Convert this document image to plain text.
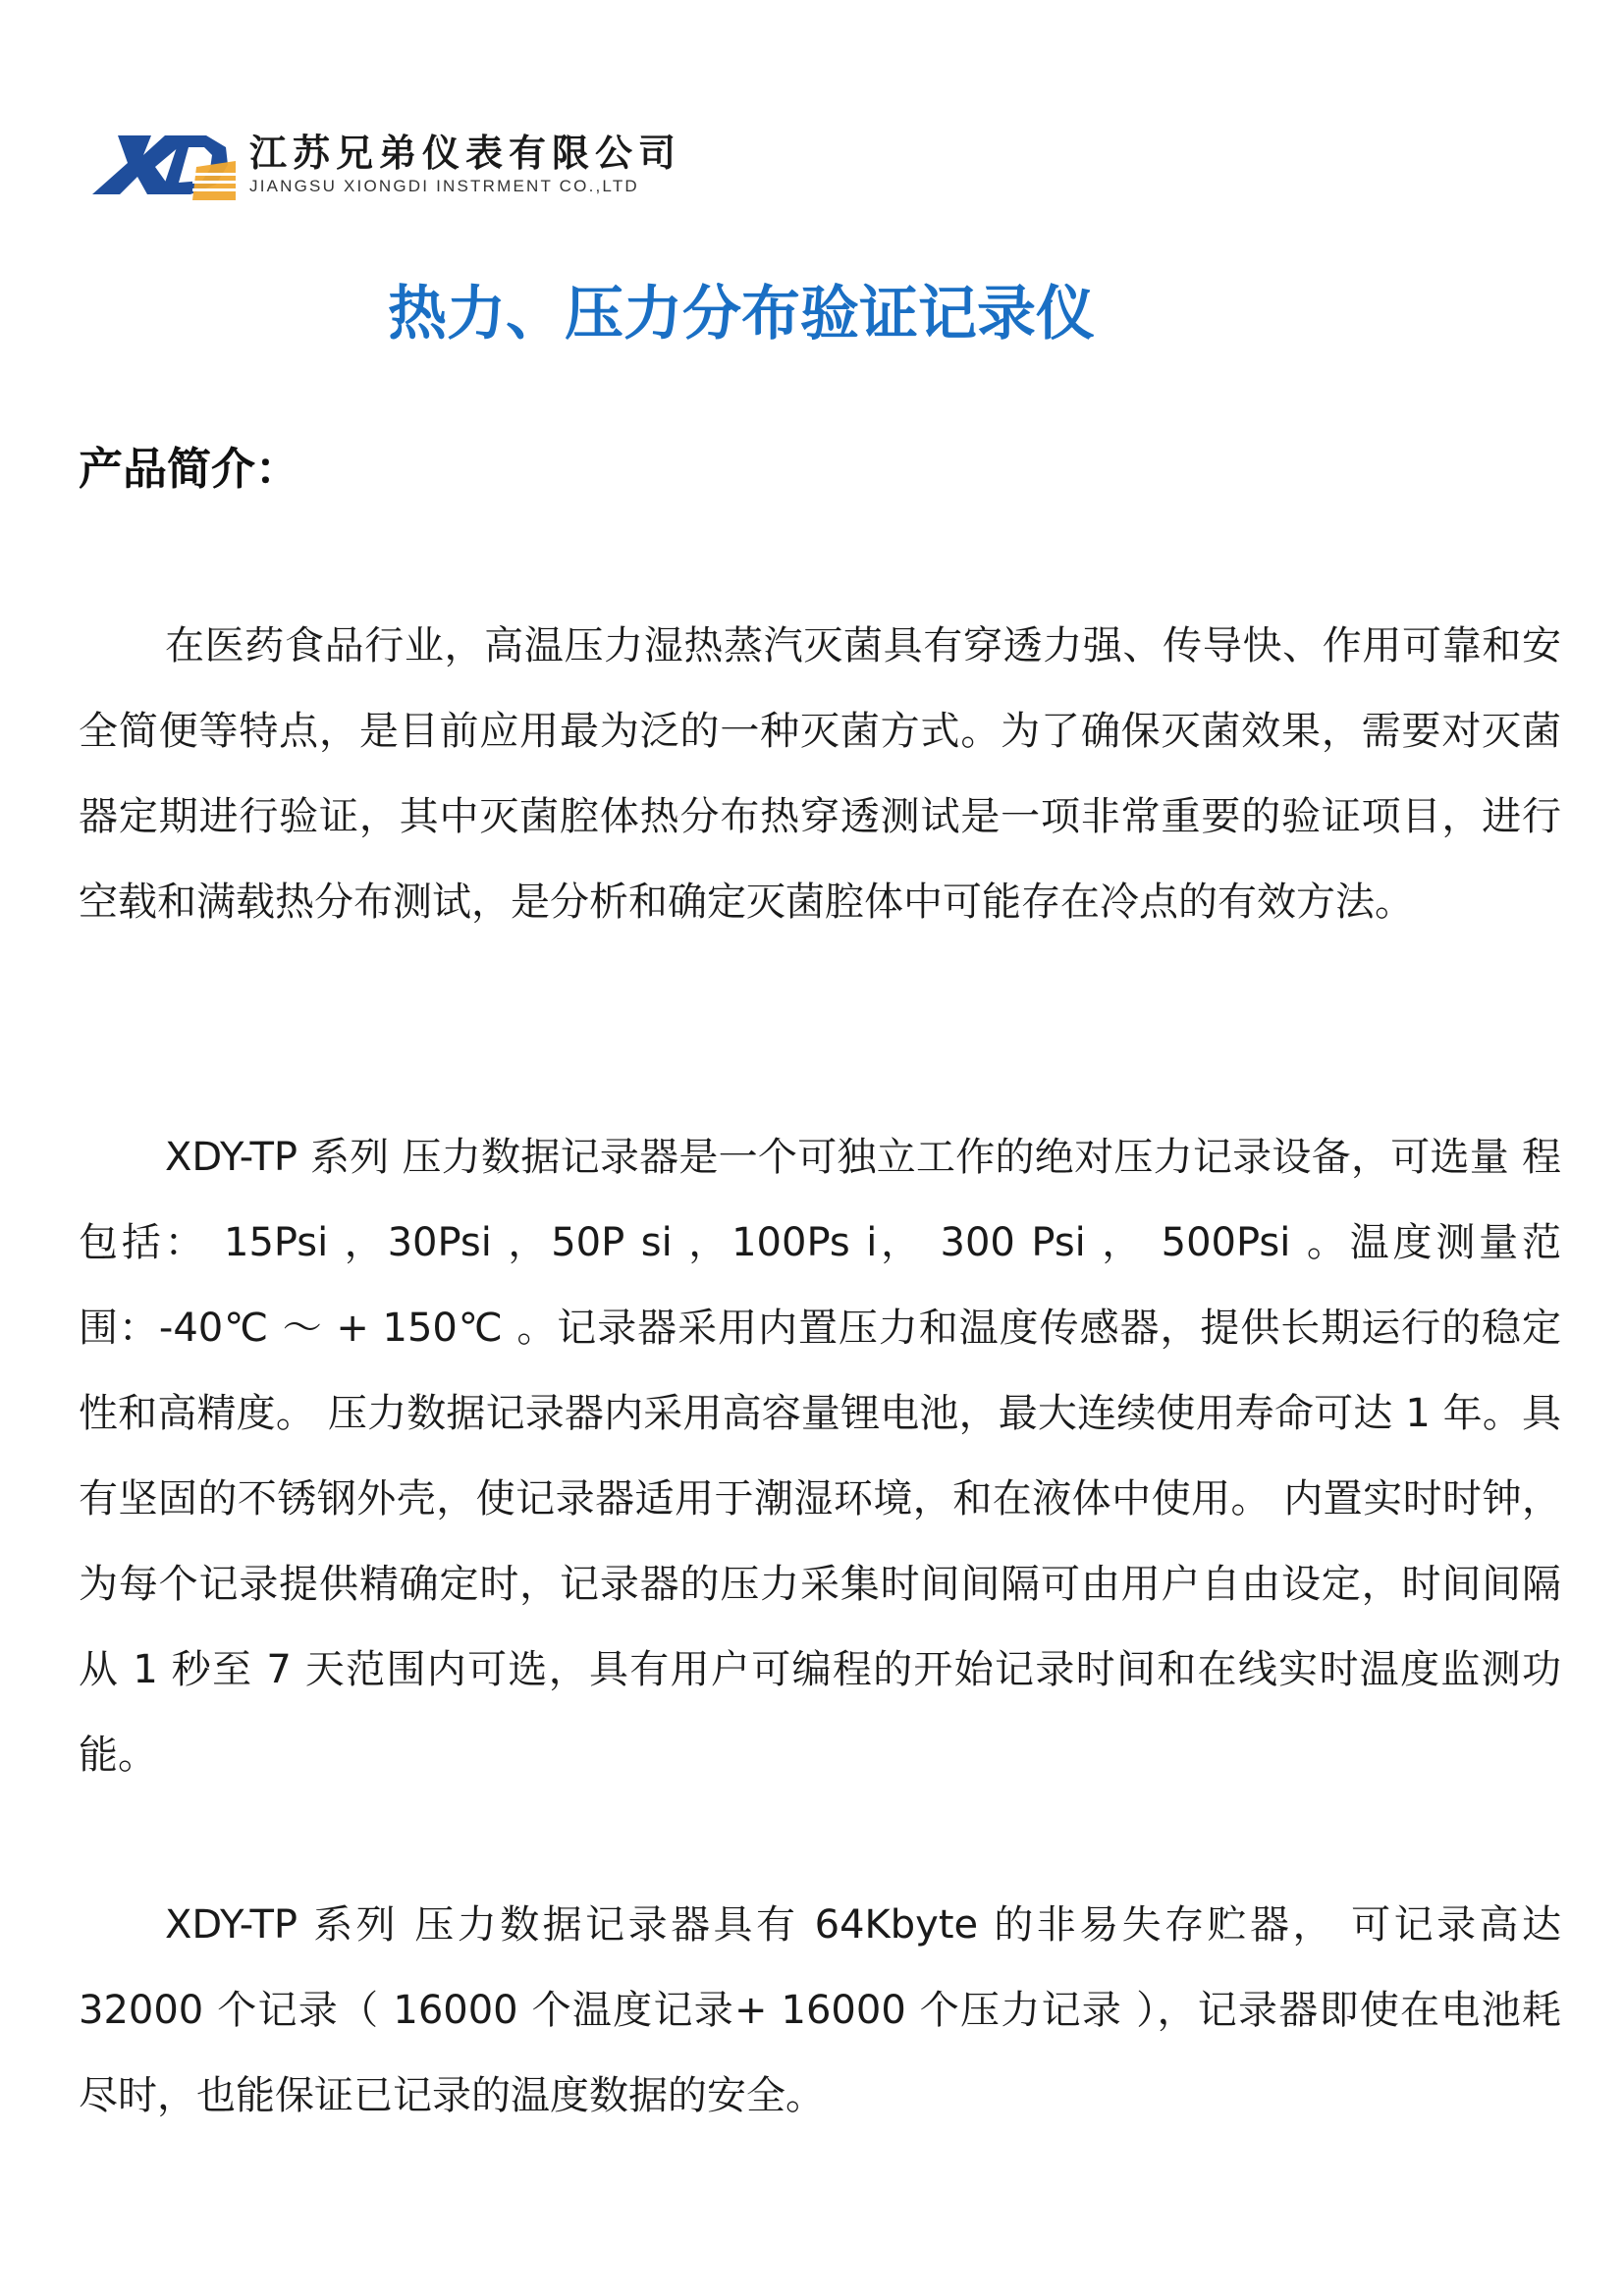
江苏兄弟仪表有限公司
JIANGSU XIONGDI INSTRMENT CO.,LTD
热力、压力分布验证记录仪
产品简介：

在医药食品行业，高温压力湿热蒸汽灭菌具有穿透力强、传导快、作用可靠和安全简便等特点，是目前应用最为泛的一种灭菌方式。为了确保灭菌效果，需要对灭菌器定期进行验证，其中灭菌腔体热分布热穿透测试是一项非常重要的验证项目，进行空载和满载热分布测试，是分析和确定灭菌腔体中可能存在冷点的有效方法。

XDY-TP 系列 压力数据记录器是一个可独立工作的绝对压力记录设备，可选量 程包括： 15Psi ，30Psi ，50P si ，100Ps i， 300 Psi ， 500Psi 。温度测量范围：-40℃ ～ + 150℃ 。记录器采用内置压力和温度传感器，提供长期运行的稳定性和高精度。 压力数据记录器内采用高容量锂电池，最大连续使用寿命可达 1 年。具有坚固的不锈钢外壳，使记录器适用于潮湿环境，和在液体中使用。 内置实时时钟，为每个记录提供精确定时，记录器的压力采集时间间隔可由用户自由设定，时间间隔从 1 秒至 7 天范围内可选，具有用户可编程的开始记录时间和在线实时温度监测功能。

XDY-TP 系列 压力数据记录器具有 64Kbyte 的非易失存贮器， 可记录高达 32000 个记录（ 16000 个温度记录+ 16000 个压力记录 ），记录器即使在电池耗尽时，也能保证已记录的温度数据的安全。
